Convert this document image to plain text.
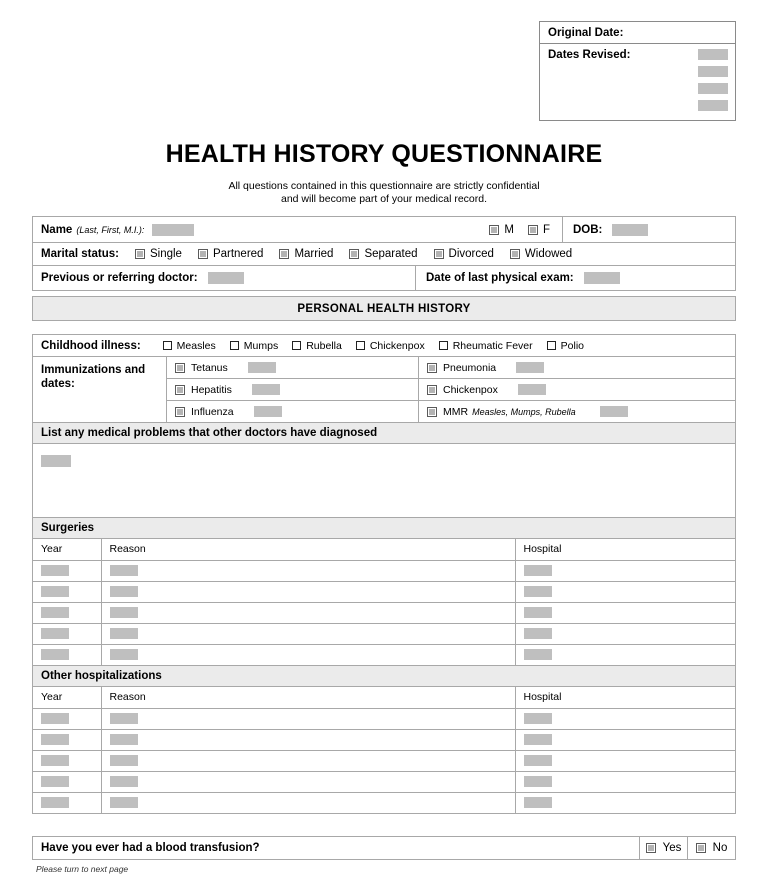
Original Date:
Dates Revised:
HEALTH HISTORY QUESTIONNAIRE
All questions contained in this questionnaire are strictly confidential
and will become part of your medical record.
Name (Last, First, M.I.):	M	F DOB:
Marital status:	Single	Partnered	Married	Separated	Divorced	Widowed
Previous or referring doctor:	Date of last physical exam:
PERSONAL HEALTH HISTORY
Childhood illness:	Measles	Mumps	Rubella	Chickenpox	Rheumatic Fever	Polio
Immunizations and dates:
Tetanus	Pneumonia
Hepatitis	Chickenpox
Influenza	MMR Measles, Mumps, Rubella
List any medical problems that other doctors have diagnosed
Surgeries
Year	Reason	Hospital

Other hospitalizations
Year	Reason	Hospital

Have you ever had a blood transfusion?	Yes	No
Please turn to next page
